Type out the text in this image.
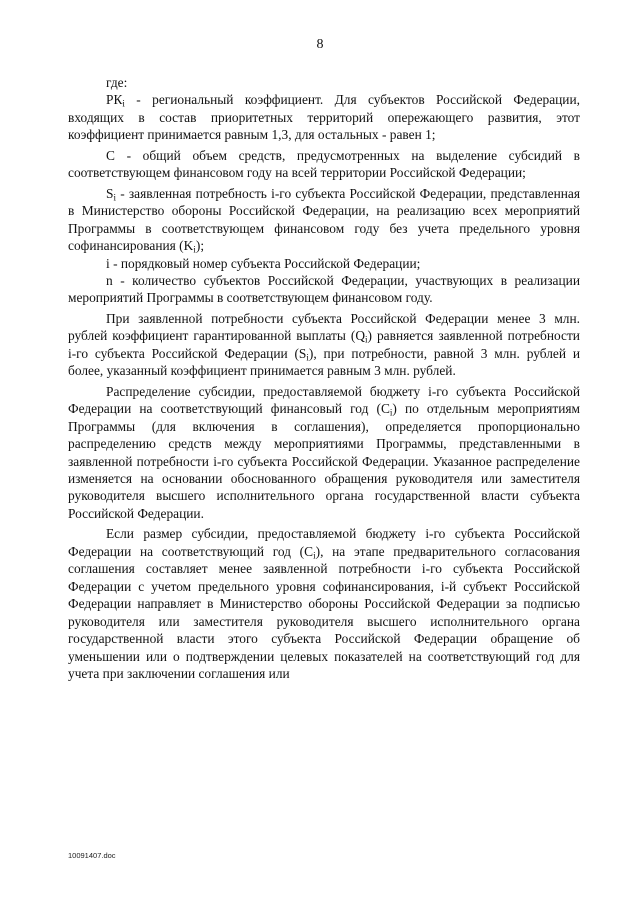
8

где:

$РК_i$ - региональный коэффициент. Для субъектов Российской Федерации, входящих в состав приоритетных территорий опережающего развития, этот коэффициент принимается равным 1,3, для остальных - равен 1;

С - общий объем средств, предусмотренных на выделение субсидий в соответствующем финансовом году на всей территории Российской Федерации;

$S_i$ - заявленная потребность i-го субъекта Российской Федерации, представленная в Министерство обороны Российской Федерации, на реализацию всех мероприятий Программы в соответствующем финансовом году без учета предельного уровня софинансирования $(K_i)$;

i - порядковый номер субъекта Российской Федерации;

n - количество субъектов Российской Федерации, участвующих в реализации мероприятий Программы в соответствующем финансовом году.

При заявленной потребности субъекта Российской Федерации менее 3 млн. рублей коэффициент гарантированной выплаты $(Q_i)$ равняется заявленной потребности i-го субъекта Российской Федерации $(S_i)$, при потребности, равной 3 млн. рублей и более, указанный коэффициент принимается равным 3 млн. рублей.

Распределение субсидии, предоставляемой бюджету i-го субъекта Российской Федерации на соответствующий финансовый год $(C_i)$ по отдельным мероприятиям Программы (для включения в соглашения), определяется пропорционально распределению средств между мероприятиями Программы, представленными в заявленной потребности i-го субъекта Российской Федерации. Указанное распределение изменяется на основании обоснованного обращения руководителя или заместителя руководителя высшего исполнительного органа государственной власти субъекта Российской Федерации.

Если размер субсидии, предоставляемой бюджету i-го субъекта Российской Федерации на соответствующий год $(C_i)$, на этапе предварительного согласования соглашения составляет менее заявленной потребности i-го субъекта Российской Федерации с учетом предельного уровня софинансирования, i-й субъект Российской Федерации направляет в Министерство обороны Российской Федерации за подписью руководителя или заместителя руководителя высшего исполнительного органа государственной власти этого субъекта Российской Федерации обращение об уменьшении или о подтверждении целевых показателей на соответствующий год для учета при заключении соглашения или

10091407.doc
